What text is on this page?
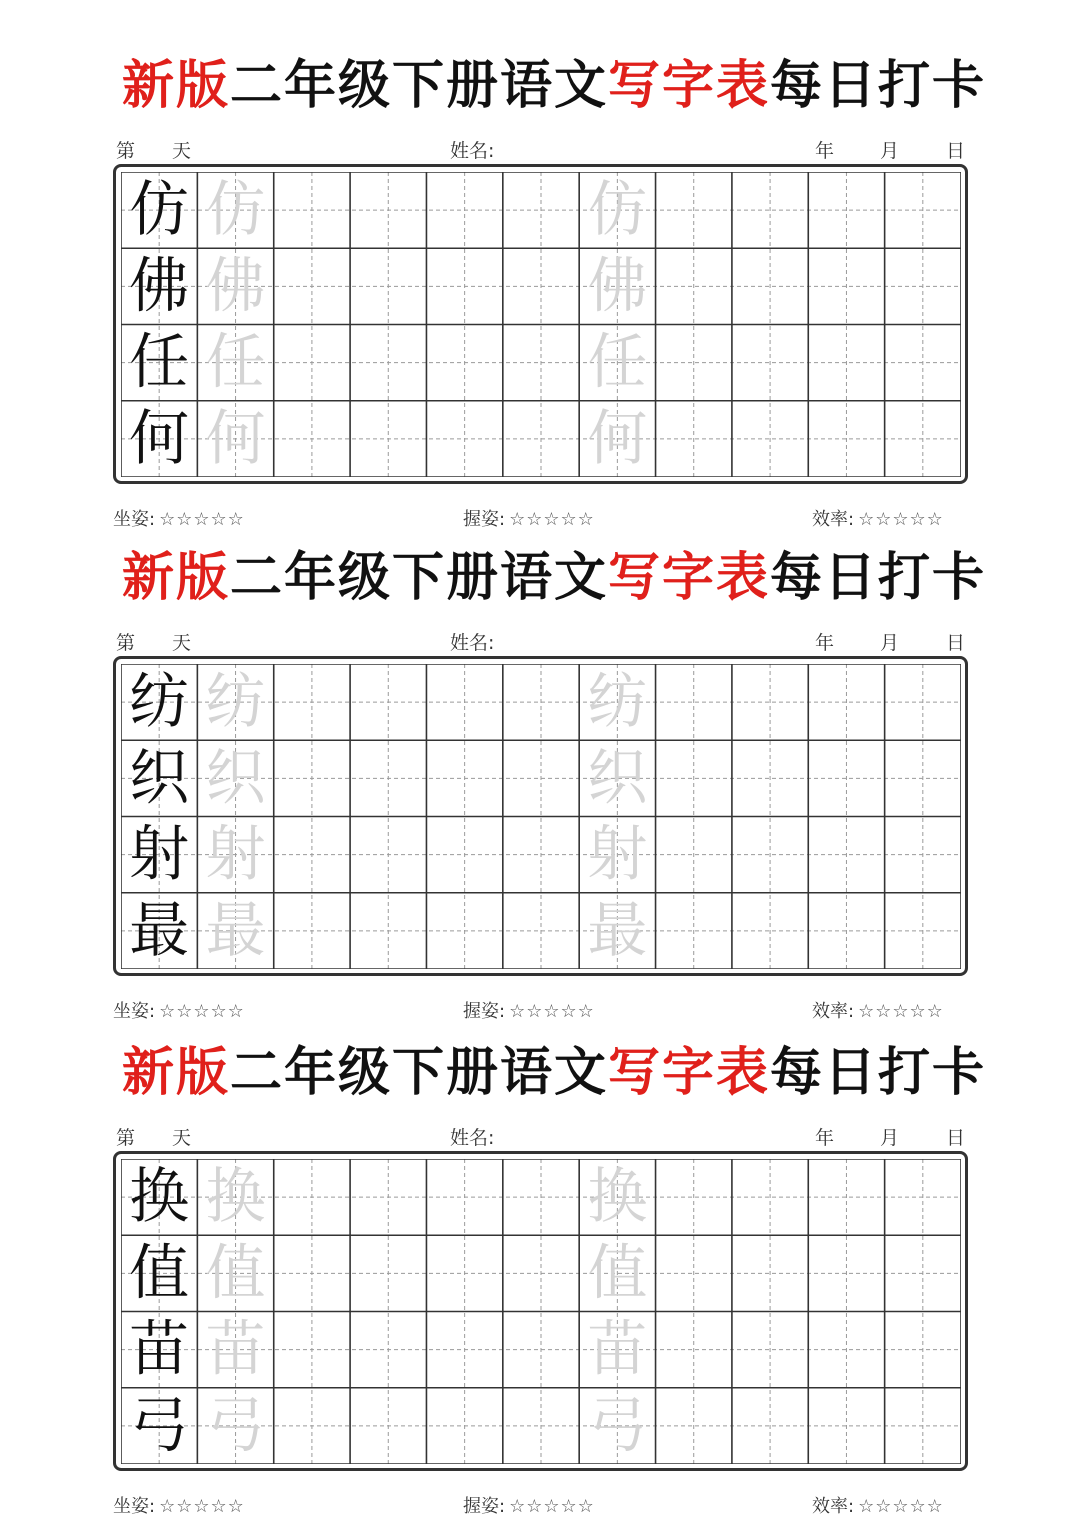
新版 二年级下册语文 写字表 每日打卡
第 天	姓名:	年 月 日
仿 仿	仿
佛 佛	佛
任 任	任
何 何	何
坐姿: ☆☆☆☆☆	握姿: ☆☆☆☆☆	效率: ☆☆☆☆☆
新版 二年级下册语文 写字表 每日打卡
第 天	姓名:	年 月 日
纺 纺	纺
织 织	织
射 射	射
最 最	最
坐姿: ☆☆☆☆☆	握姿: ☆☆☆☆☆	效率: ☆☆☆☆☆
新版 二年级下册语文 写字表 每日打卡
第 天	姓名:	年 月 日
换 换	换
值 值	值
苗 苗	苗
弓 弓	弓
坐姿: ☆☆☆☆☆	握姿: ☆☆☆☆☆	效率: ☆☆☆☆☆
